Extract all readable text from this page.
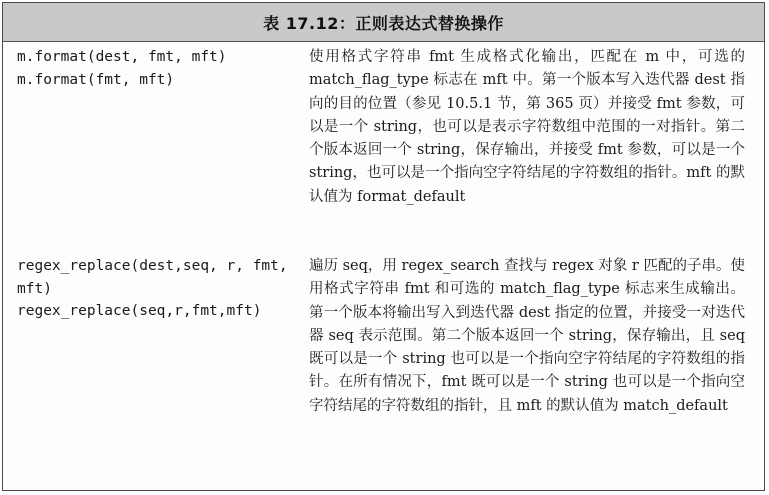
表 17.12：正则表达式替换操作
m.format(dest, fmt, mft)
m.format(fmt, mft)
使用格式字符串 fmt 生成格式化输出，匹配在 m 中，可选的 match_flag_type 标志在 mft 中。第一个版本写入迭代器 dest 指向的目的位置（参见 10.5.1 节，第 365 页）并接受 fmt 参数，可以是一个 string，也可以是表示字符数组中范围的一对指针。第二个版本返回一个 string，保存输出，并接受 fmt 参数，可以是一个 string，也可以是一个指向空字符结尾的字符数组的指针。mft 的默认值为 format_default
regex_replace(dest,seq, r, fmt, mft)
regex_replace(seq,r,fmt,mft)
遍历 seq，用 regex_search 查找与 regex 对象 r 匹配的子串。使用格式字符串 fmt 和可选的 match_flag_type 标志来生成输出。第一个版本将输出写入到迭代器 dest 指定的位置，并接受一对迭代器 seq 表示范围。第二个版本返回一个 string，保存输出，且 seq 既可以是一个 string 也可以是一个指向空字符结尾的字符数组的指针。在所有情况下，fmt 既可以是一个 string 也可以是一个指向空字符结尾的字符数组的指针，且 mft 的默认值为 match_default
